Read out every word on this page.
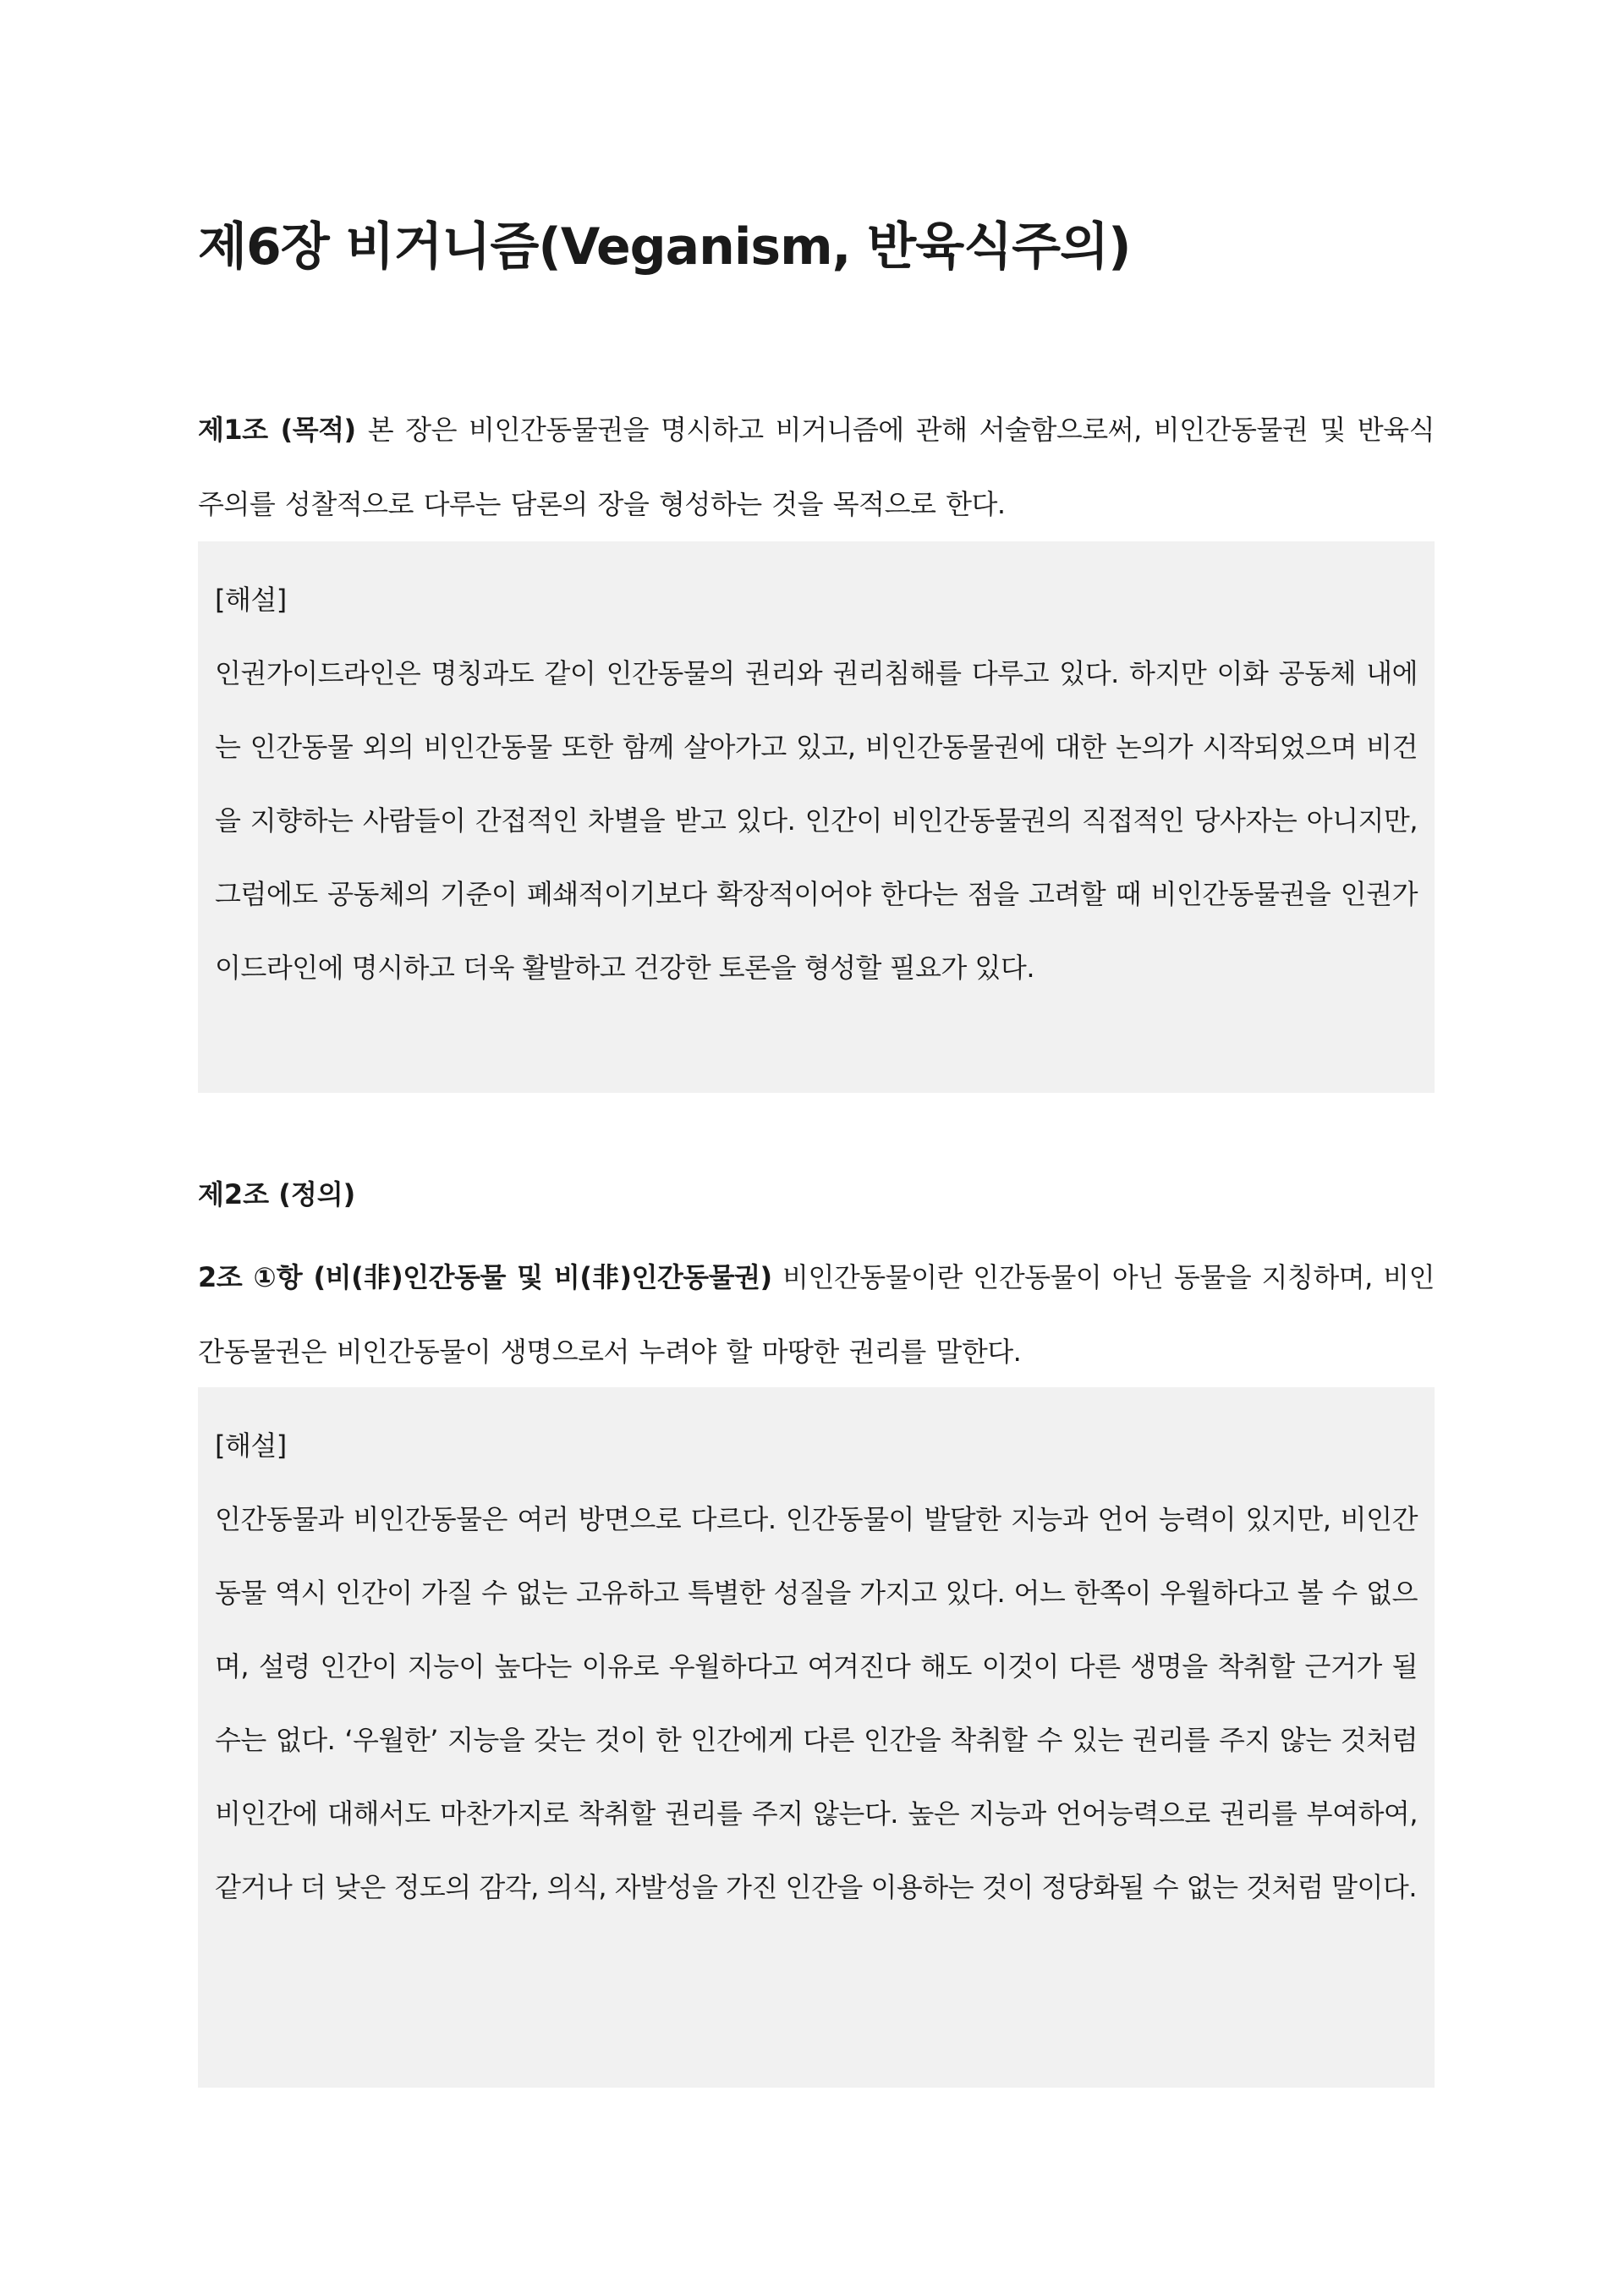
제6장 비거니즘(Veganism, 반육식주의)

제1조 (목적) 본 장은 비인간동물권을 명시하고 비거니즘에 관해 서술함으로써, 비인간동물권 및 반육식주의를 성찰적으로 다루는 담론의 장을 형성하는 것을 목적으로 한다.

[해설]

인권가이드라인은 명칭과도 같이 인간동물의 권리와 권리침해를 다루고 있다. 하지만 이화 공동체 내에는 인간동물 외의 비인간동물 또한 함께 살아가고 있고, 비인간동물권에 대한 논의가 시작되었으며 비건을 지향하는 사람들이 간접적인 차별을 받고 있다. 인간이 비인간동물권의 직접적인 당사자는 아니지만, 그럼에도 공동체의 기준이 폐쇄적이기보다 확장적이어야 한다는 점을 고려할 때 비인간동물권을 인권가이드라인에 명시하고 더욱 활발하고 건강한 토론을 형성할 필요가 있다.

제2조 (정의)

2조 ①항 (비(非)인간동물 및 비(非)인간동물권) 비인간동물이란 인간동물이 아닌 동물을 지칭하며, 비인간동물권은 비인간동물이 생명으로서 누려야 할 마땅한 권리를 말한다.

[해설]

인간동물과 비인간동물은 여러 방면으로 다르다. 인간동물이 발달한 지능과 언어 능력이 있지만, 비인간동물 역시 인간이 가질 수 없는 고유하고 특별한 성질을 가지고 있다. 어느 한쪽이 우월하다고 볼 수 없으며, 설령 인간이 지능이 높다는 이유로 우월하다고 여겨진다 해도 이것이 다른 생명을 착취할 근거가 될 수는 없다. ‘우월한’ 지능을 갖는 것이 한 인간에게 다른 인간을 착취할 수 있는 권리를 주지 않는 것처럼 비인간에 대해서도 마찬가지로 착취할 권리를 주지 않는다. 높은 지능과 언어능력으로 권리를 부여하여, 같거나 더 낮은 정도의 감각, 의식, 자발성을 가진 인간을 이용하는 것이 정당화될 수 없는 것처럼 말이다.
